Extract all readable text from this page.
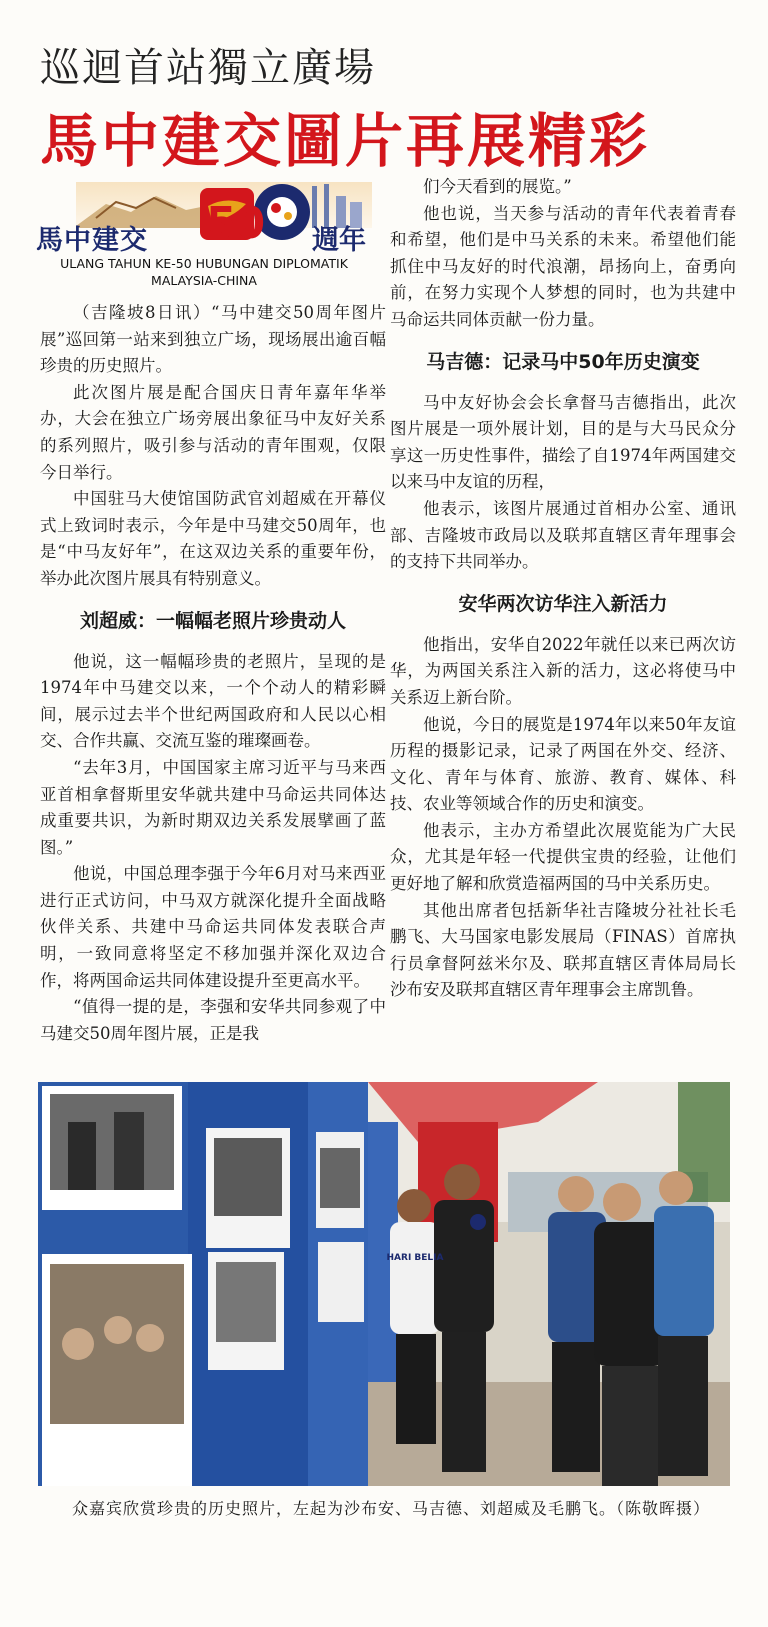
巡迴首站獨立廣場
馬中建交圖片再展精彩
馬中建交 50 週年
ULANG TAHUN KE-50 HUBUNGAN DIPLOMATIK
MALAYSIA-CHINA

（吉隆坡8日讯）“马中建交50周年图片展”巡回第一站来到独立广场，现场展出逾百幅珍贵的历史照片。

此次图片展是配合国庆日青年嘉年华举办，大会在独立广场旁展出象征马中友好关系的系列照片，吸引参与活动的青年围观，仅限今日举行。

中国驻马大使馆国防武官刘超威在开幕仪式上致词时表示，今年是中马建交50周年，也是“中马友好年”，在这双边关系的重要年份，举办此次图片展具有特别意义。

刘超威：一幅幅老照片珍贵动人

他说，这一幅幅珍贵的老照片，呈现的是1974年中马建交以来，一个个动人的精彩瞬间，展示过去半个世纪两国政府和人民以心相交、合作共赢、交流互鉴的璀璨画卷。

“去年3月，中国国家主席习近平与马来西亚首相拿督斯里安华就共建中马命运共同体达成重要共识，为新时期双边关系发展擘画了蓝图。”

他说，中国总理李强于今年6月对马来西亚进行正式访问，中马双方就深化提升全面战略伙伴关系、共建中马命运共同体发表联合声明，一致同意将坚定不移加强并深化双边合作，将两国命运共同体建设提升至更高水平。

“值得一提的是，李强和安华共同参观了中马建交50周年图片展，正是我

们今天看到的展览。”

他也说，当天参与活动的青年代表着青春和希望，他们是中马关系的未来。希望他们能抓住中马友好的时代浪潮，昂扬向上，奋勇向前，在努力实现个人梦想的同时，也为共建中马命运共同体贡献一份力量。

马吉德：记录马中50年历史演变

马中友好协会会长拿督马吉德指出，此次图片展是一项外展计划，目的是与大马民众分享这一历史性事件，描绘了自1974年两国建交以来马中友谊的历程，

他表示，该图片展通过首相办公室、通讯部、吉隆坡市政局以及联邦直辖区青年理事会的支持下共同举办。

安华两次访华注入新活力

他指出，安华自2022年就任以来已两次访华，为两国关系注入新的活力，这必将使马中关系迈上新台阶。

他说，今日的展览是1974年以来50年友谊历程的摄影记录，记录了两国在外交、经济、文化、青年与体育、旅游、教育、媒体、科技、农业等领域合作的历史和演变。

他表示，主办方希望此次展览能为广大民众，尤其是年轻一代提供宝贵的经验，让他们更好地了解和欣赏造福两国的马中关系历史。

其他出席者包括新华社吉隆坡分社社长毛鹏飞、大马国家电影发展局（FINAS）首席执行员拿督阿兹米尔及、联邦直辖区青体局局长沙布安及联邦直辖区青年理事会主席凯鲁。

HARI BELIA
众嘉宾欣赏珍贵的历史照片，左起为沙布安、马吉德、刘超威及毛鹏飞。（陈敬晖摄）
